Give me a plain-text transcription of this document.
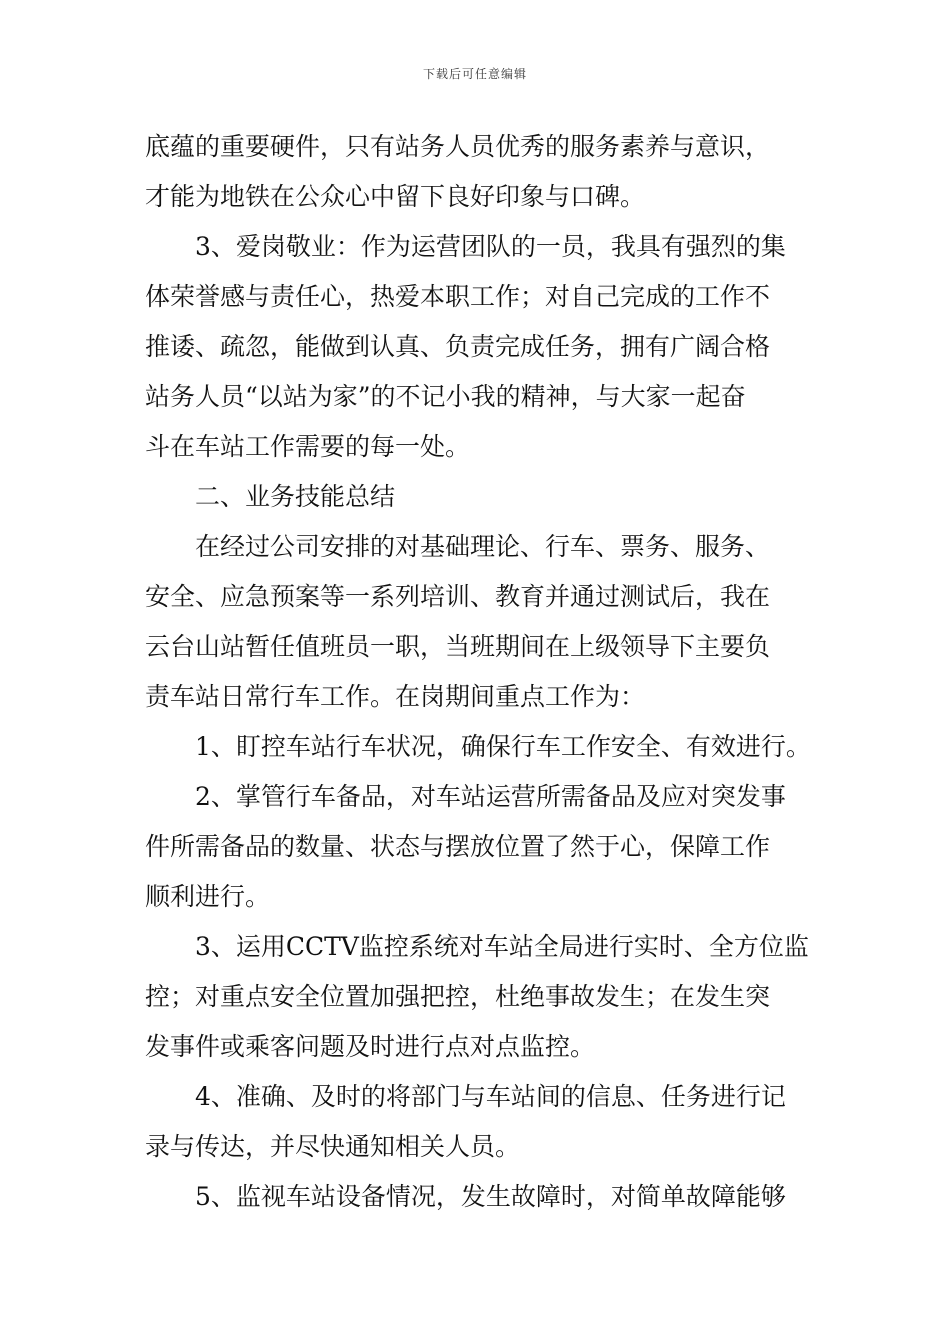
下载后可任意编辑
底蕴的重要硬件，只有站务人员优秀的服务素养与意识，
才能为地铁在公众心中留下良好印象与口碑。
3、爱岗敬业：作为运营团队的一员，我具有强烈的集
体荣誉感与责任心，热爱本职工作；对自己完成的工作不
推诿、疏忽，能做到认真、负责完成任务，拥有广阔合格
站务人员“以站为家”的不记小我的精神，与大家一起奋
斗在车站工作需要的每一处。
二、业务技能总结
在经过公司安排的对基础理论、行车、票务、服务、
安全、应急预案等一系列培训、教育并通过测试后，我在
云台山站暂任值班员一职，当班期间在上级领导下主要负
责车站日常行车工作。在岗期间重点工作为：
1、盯控车站行车状况，确保行车工作安全、有效进行。
2、掌管行车备品，对车站运营所需备品及应对突发事
件所需备品的数量、状态与摆放位置了然于心，保障工作
顺利进行。
3、运用CCTV监控系统对车站全局进行实时、全方位监
控；对重点安全位置加强把控，杜绝事故发生；在发生突
发事件或乘客问题及时进行点对点监控。
4、准确、及时的将部门与车站间的信息、任务进行记
录与传达，并尽快通知相关人员。
5、监视车站设备情况，发生故障时，对简单故障能够
